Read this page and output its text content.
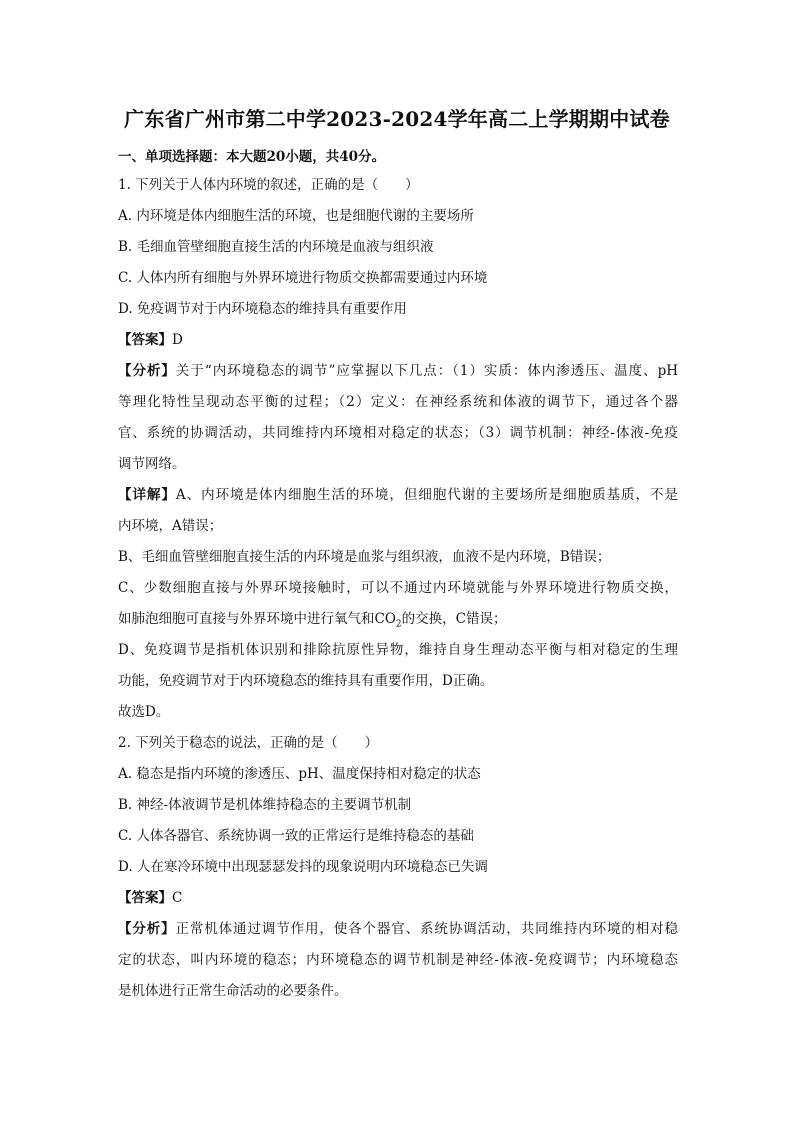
广东省广州市第二中学2023-2024学年高二上学期期中试卷
一、单项选择题：本大题20小题，共40分。
1. 下列关于人体内环境的叙述，正确的是（　　）
A. 内环境是体内细胞生活的环境，也是细胞代谢的主要场所
B. 毛细血管壁细胞直接生活的内环境是血液与组织液
C. 人体内所有细胞与外界环境进行物质交换都需要通过内环境
D. 免疫调节对于内环境稳态的维持具有重要作用
【答案】D
【分析】关于“内环境稳态的调节”应掌握以下几点：（1）实质：体内渗透压、温度、pH
等理化特性呈现动态平衡的过程；（2）定义：在神经系统和体液的调节下，通过各个器
官、系统的协调活动，共同维持内环境相对稳定的状态；（3）调节机制：神经-体液-免疫
调节网络。
【详解】A、内环境是体内细胞生活的环境，但细胞代谢的主要场所是细胞质基质，不是
内环境，A错误；
B、毛细血管壁细胞直接生活的内环境是血浆与组织液，血液不是内环境，B错误；
C、少数细胞直接与外界环境接触时，可以不通过内环境就能与外界环境进行物质交换，
如肺泡细胞可直接与外界环境中进行氧气和$CO_2$的交换，C错误；
D、免疫调节是指机体识别和排除抗原性异物，维持自身生理动态平衡与相对稳定的生理
功能，免疫调节对于内环境稳态的维持具有重要作用，D正确。
故选D。
2. 下列关于稳态的说法，正确的是（　　）
A. 稳态是指内环境的渗透压、pH、温度保持相对稳定的状态
B. 神经-体液调节是机体维持稳态的主要调节机制
C. 人体各器官、系统协调一致的正常运行是维持稳态的基础
D. 人在寒冷环境中出现瑟瑟发抖的现象说明内环境稳态已失调
【答案】C
【分析】正常机体通过调节作用，使各个器官、系统协调活动，共同维持内环境的相对稳
定的状态，叫内环境的稳态；内环境稳态的调节机制是神经-体液-免疫调节；内环境稳态
是机体进行正常生命活动的必要条件。
